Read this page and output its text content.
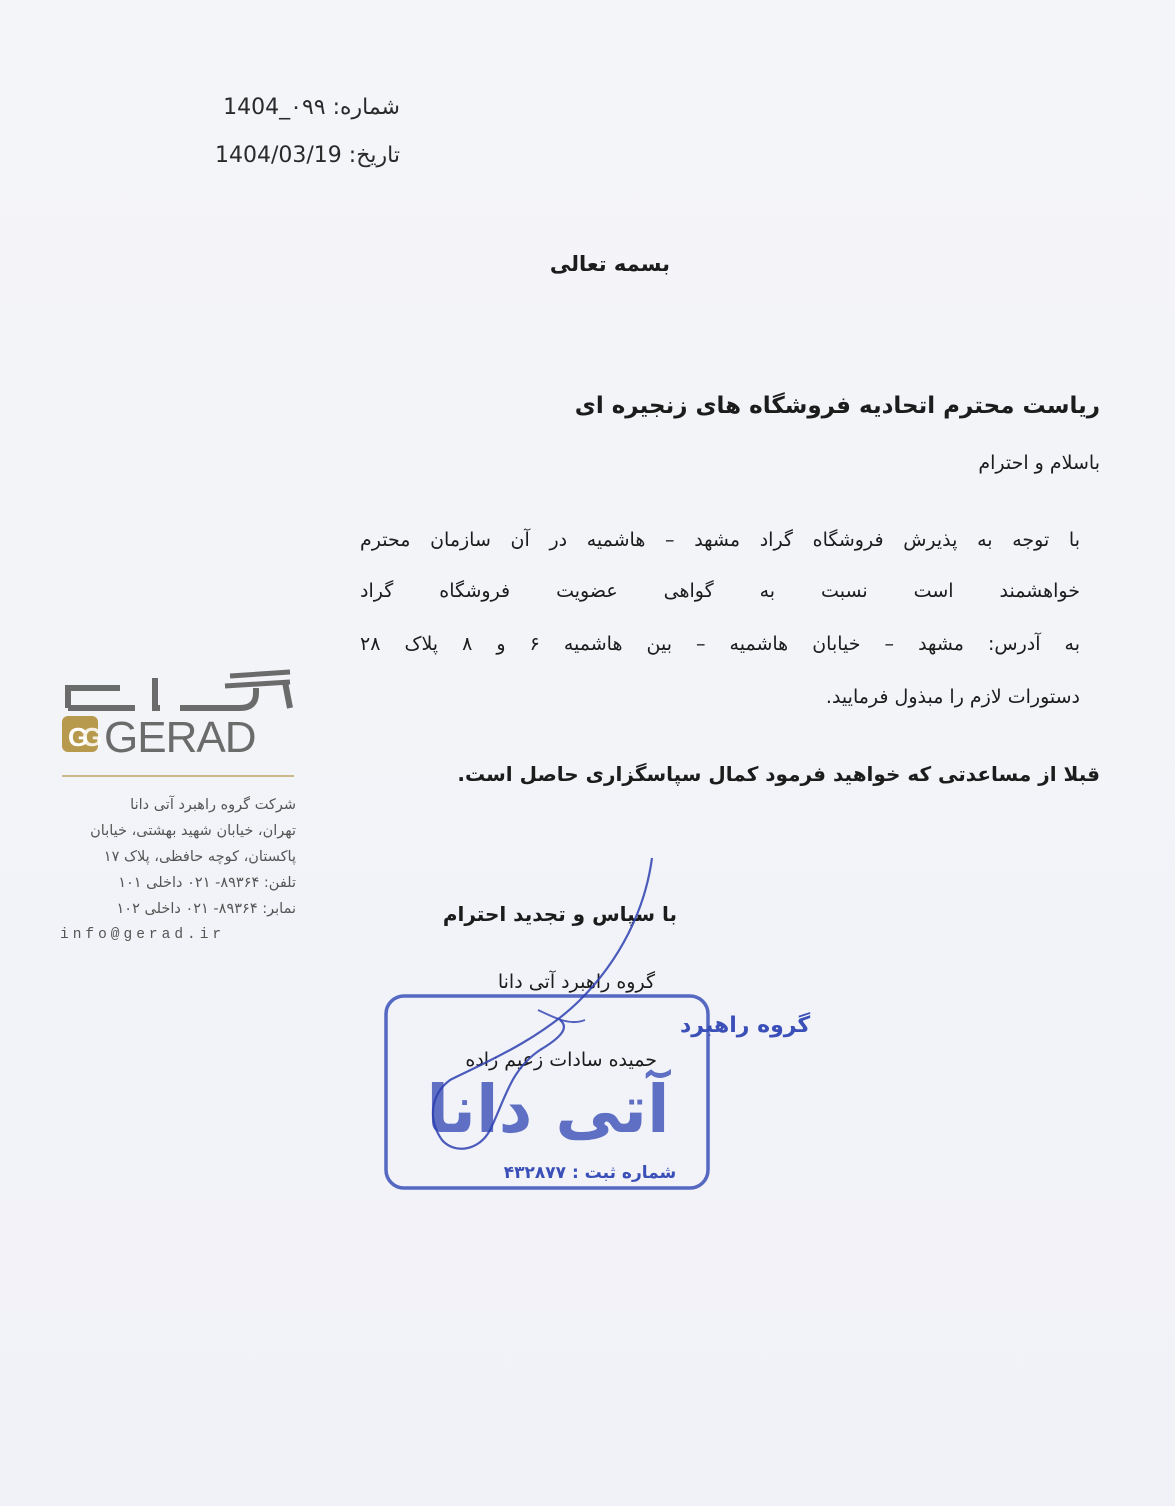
شماره: ۰۹۹_1404
تاریخ: 1404/03/19
بسمه تعالی
ریاست محترم اتحادیه فروشگاه های زنجیره ای
باسلام و احترام
با توجه به پذیرش فروشگاه گراد مشهد – هاشمیه در آن سازمان محترم
خواهشمند است نسبت به گواهی عضویت فروشگاه گراد
به آدرس: مشهد – خیابان هاشمیه – بین هاشمیه ۶ و ۸ پلاک ۲۸
دستورات لازم را مبذول فرمایید.
قبلا از مساعدتی که خواهید فرمود کمال سپاسگزاری حاصل است.
با سپاس و تجدید احترام
گروه راهبرد آتی دانا
حمیده سادات زعیم زاده
G
G GERAD
شرکت گروه راهبرد آتی دانا
تهران، خیابان شهید بهشتی، خیابان
پاکستان، کوچه حافظی، پلاک ۱۷
تلفن: ۸۹۳۶۴- ۰۲۱ داخلی ۱۰۱
نمابر: ۸۹۳۶۴- ۰۲۱ داخلی ۱۰۲
info@gerad.ir
گروه راهبرد
آتی دانا
شماره ثبت : ۴۳۲۸۷۷
